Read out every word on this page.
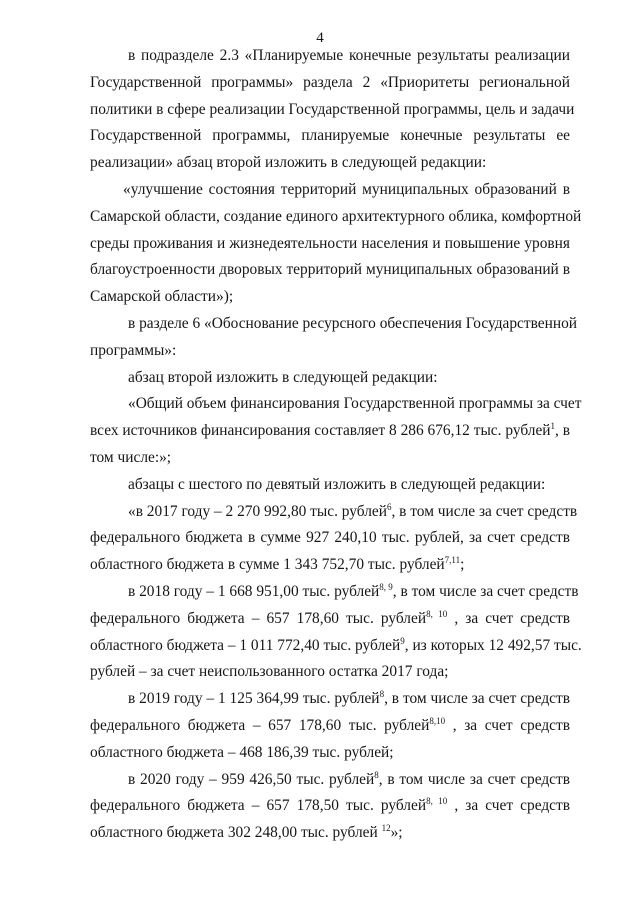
4
в подразделе 2.3 «Планируемые конечные результаты реализации
Государственной программы» раздела 2 «Приоритеты региональной
политики в сфере реализации Государственной программы, цель и задачи
Государственной программы, планируемые конечные результаты ее
реализации» абзац второй изложить в следующей редакции:
«улучшение состояния территорий муниципальных образований в
Самарской области, создание единого архитектурного облика, комфортной
среды проживания и жизнедеятельности населения и повышение уровня
благоустроенности дворовых территорий муниципальных образований в
Самарской области»);
в разделе 6 «Обоснование ресурсного обеспечения Государственной
программы»:
абзац второй изложить в следующей редакции:
«Общий объем финансирования Государственной программы за счет
всех источников финансирования составляет 8 286 676,12 тыс. рублей$^1$, в
том числе:»;
абзацы с шестого по девятый изложить в следующей редакции:
«в 2017 году – 2 270 992,80 тыс. рублей$^6$, в том числе за счет средств
федерального бюджета в сумме 927 240,10 тыс. рублей, за счет средств
областного бюджета в сумме 1 343 752,70 тыс. рублей$^{7,11}$;
в 2018 году – 1 668 951,00 тыс. рублей$^{8, 9}$, в том числе за счет средств
федерального бюджета – 657 178,60 тыс. рублей$^{8, 10}$ , за счет средств
областного бюджета – 1 011 772,40 тыс. рублей$^9$, из которых 12 492,57 тыс.
рублей – за счет неиспользованного остатка 2017 года;
в 2019 году – 1 125 364,99 тыс. рублей$^8$, в том числе за счет средств
федерального бюджета – 657 178,60 тыс. рублей$^{8,10}$ , за счет средств
областного бюджета – 468 186,39 тыс. рублей;
в 2020 году – 959 426,50 тыс. рублей$^8$, в том числе за счет средств
федерального бюджета – 657 178,50 тыс. рублей$^{8, 10}$ , за счет средств
областного бюджета 302 248,00 тыс. рублей $^{12}$»;
